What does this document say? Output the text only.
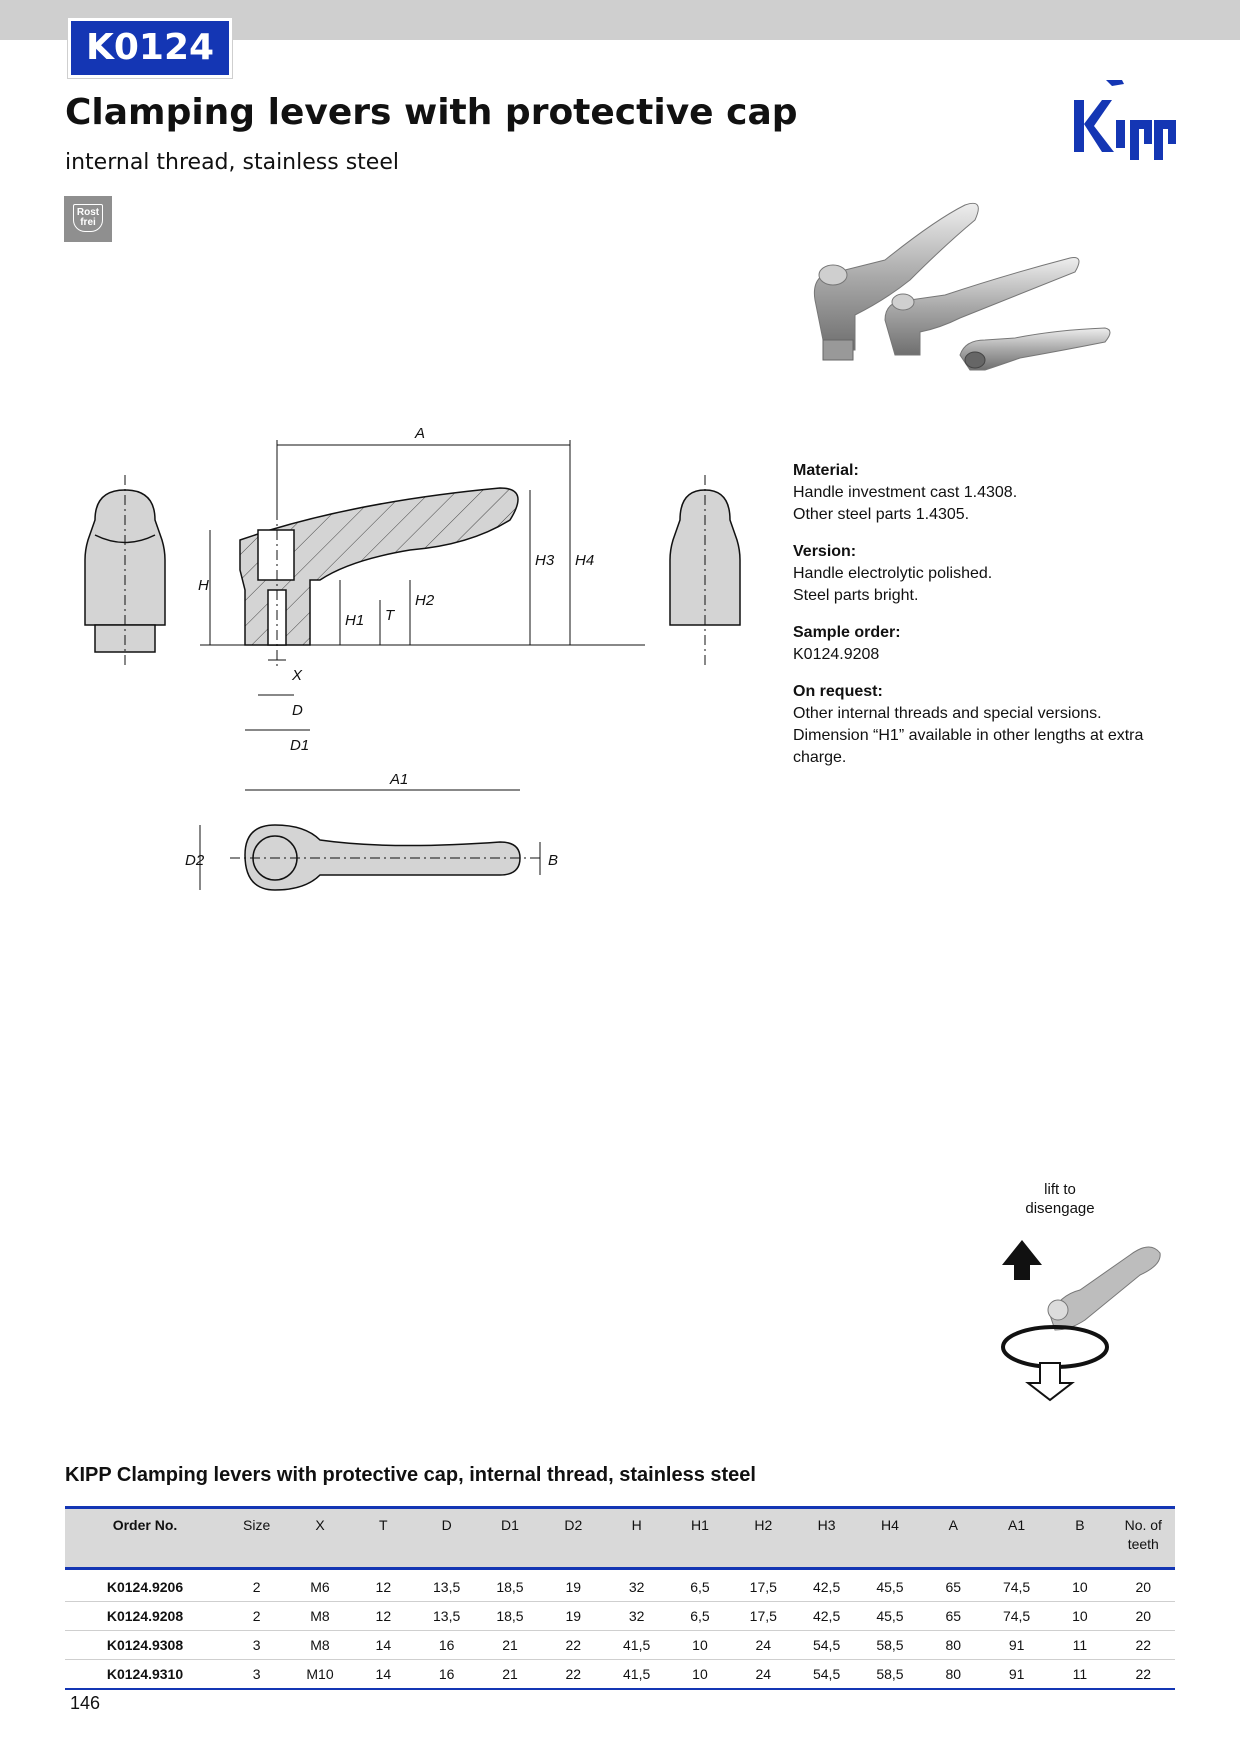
K0124
Clamping levers with protective cap
internal thread, stainless steel
Rost
frei
Material:
Handle investment cast 1.4308.
Other steel parts 1.4305.
Version:
Handle electrolytic polished.
Steel parts bright.
Sample order:
K0124.9208
On request:
Other internal threads and special versions.
Dimension “H1” available in other lengths at extra
charge.
A
H
H1 T
H2
H3 H4
X
D
D1
A1
D2	B
lift to
disengage
KIPP Clamping levers with protective cap, internal thread, stainless steel
Order No.	Size	X	T	D	D1	D2	H	H1	H2	H3	H4	A	A1	B	No. of teeth
K0124.9206	2	M6	12	13,5	18,5	19	32	6,5	17,5	42,5	45,5	65	74,5	10	20
K0124.9208	2	M8	12	13,5	18,5	19	32	6,5	17,5	42,5	45,5	65	74,5	10	20
K0124.9308	3	M8	14	16	21	22	41,5	10	24	54,5	58,5	80	91	11	22
K0124.9310	3	M10	14	16	21	22	41,5	10	24	54,5	58,5	80	91	11	22
146
